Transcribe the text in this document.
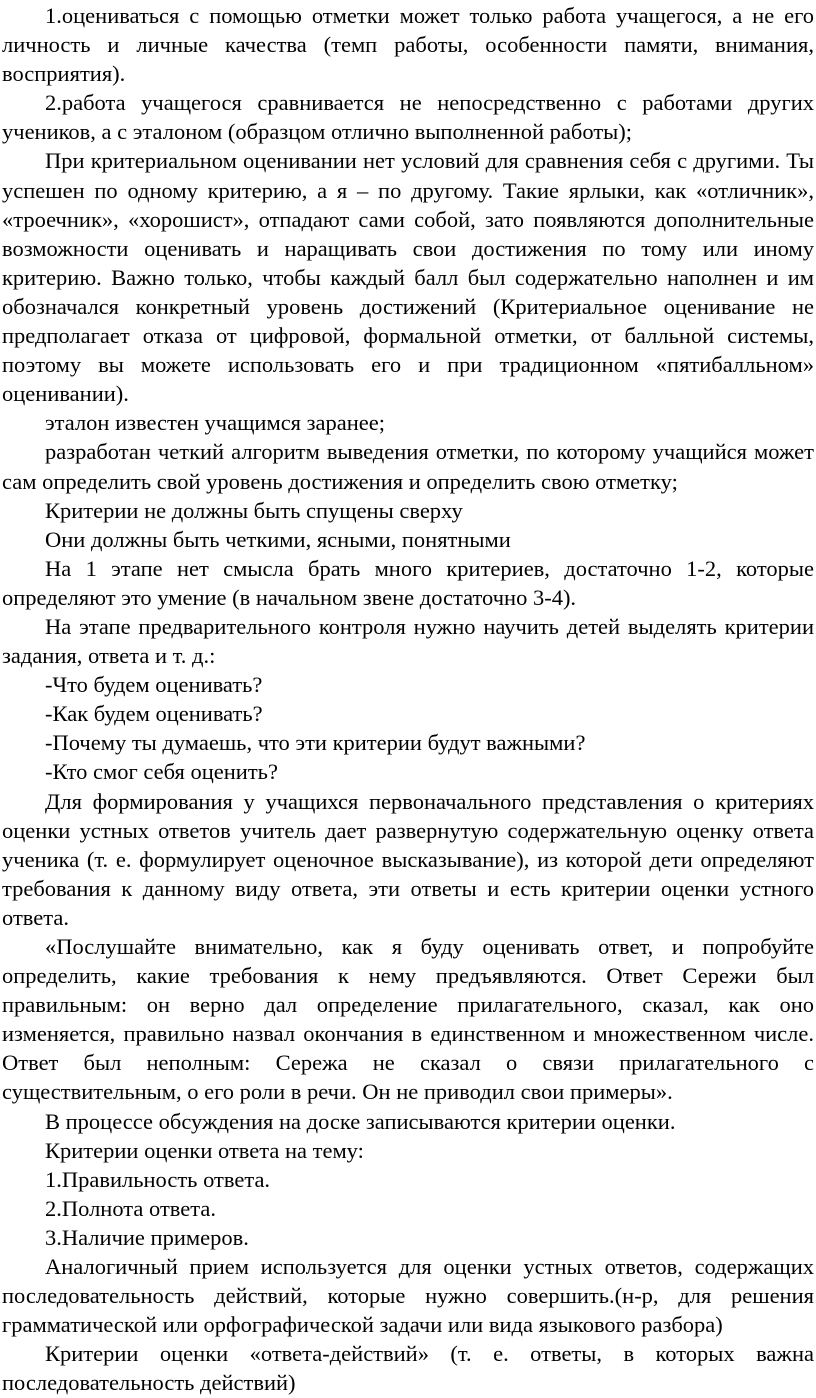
1.оцениваться с помощью отметки может только работа учащегося, а не его личность и личные качества (темп работы, особенности памяти, внимания, восприятия).

2.работа учащегося сравнивается не непосредственно с работами других учеников, а с эталоном (образцом отлично выполненной работы);

При критериальном оценивании нет условий для сравнения себя с другими. Ты успешен по одному критерию, а я – по другому. Такие ярлыки, как «отличник», «троечник», «хорошист», отпадают сами собой, зато появляются дополнительные возможности оценивать и наращивать свои достижения по тому или иному критерию. Важно только, чтобы каждый балл был содержательно наполнен и им обозначался конкретный уровень достижений (Критериальное оценивание не предполагает отказа от цифровой, формальной отметки, от балльной системы, поэтому вы можете использовать его и при традиционном «пятибалльном» оценивании).

эталон известен учащимся заранее;

разработан четкий алгоритм выведения отметки, по которому учащийся может сам определить свой уровень достижения и определить свою отметку;

Критерии не должны быть спущены сверху

Они должны быть четкими, ясными, понятными

На 1 этапе нет смысла брать много критериев, достаточно 1-2, которые определяют это умение (в начальном звене достаточно 3-4).

На этапе предварительного контроля нужно научить детей выделять критерии задания, ответа и т. д.:

-Что будем оценивать?

-Как будем оценивать?

-Почему ты думаешь, что эти критерии будут важными?

-Кто смог себя оценить?

Для формирования у учащихся первоначального представления о критериях оценки устных ответов учитель дает развернутую содержательную оценку ответа ученика (т. е. формулирует оценочное высказывание), из которой дети определяют требования к данному виду ответа, эти ответы и есть критерии оценки устного ответа.

«Послушайте внимательно, как я буду оценивать ответ, и попробуйте определить, какие требования к нему предъявляются. Ответ Сережи был правильным: он верно дал определение прилагательного, сказал, как оно изменяется, правильно назвал окончания в единственном и множественном числе. Ответ был неполным: Сережа не сказал о связи прилагательного с существительным, о его роли в речи. Он не приводил свои примеры».

В процессе обсуждения на доске записываются критерии оценки.

Критерии оценки ответа на тему:

1.Правильность ответа.

2.Полнота ответа.

3.Наличие примеров.

Аналогичный прием используется для оценки устных ответов, содержащих последовательность действий, которые нужно совершить.(н-р, для решения грамматической или орфографической задачи или вида языкового разбора)

Критерии оценки «ответа-действий» (т. е. ответы, в которых важна последовательность действий)
